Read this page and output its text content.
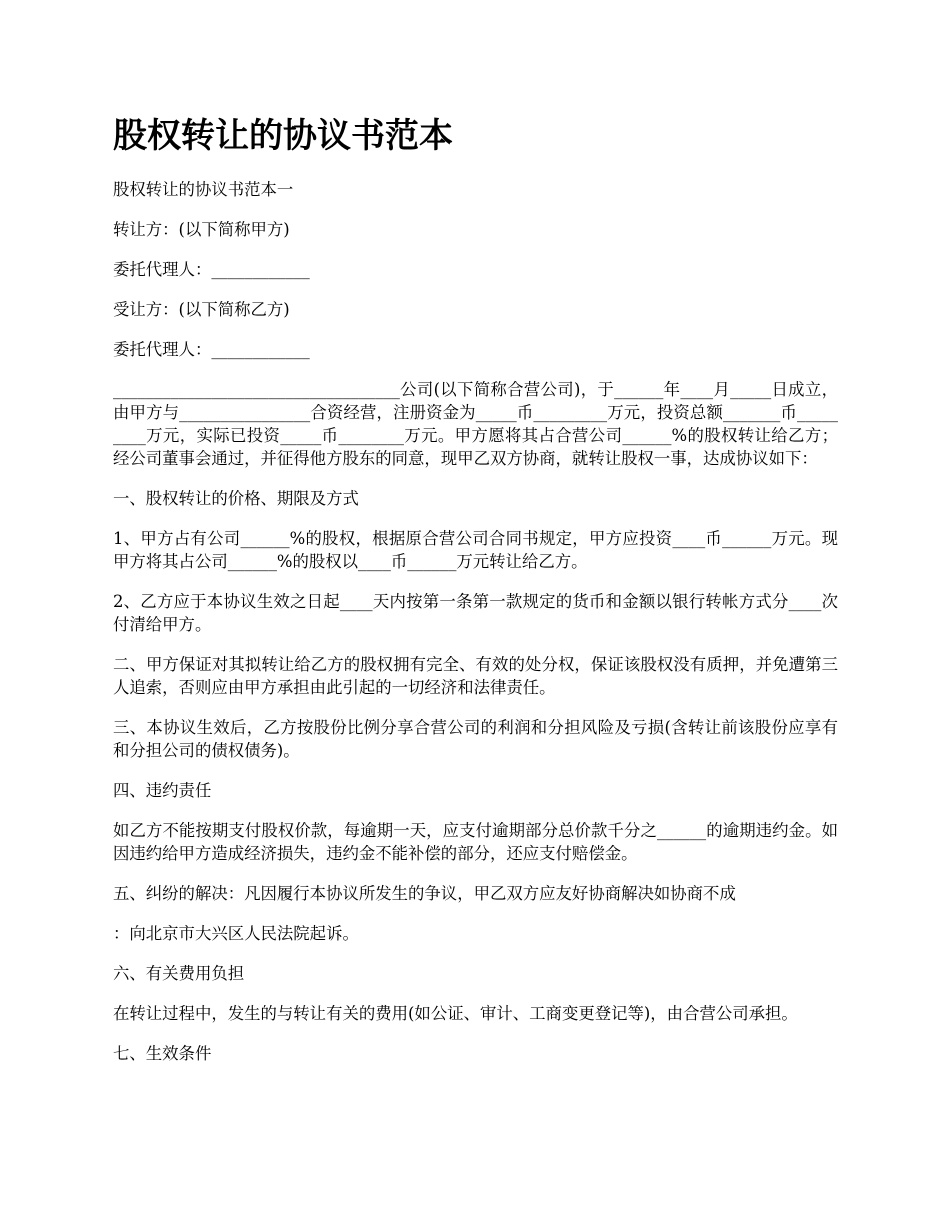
股权转让的协议书范本

股权转让的协议书范本一

转让方：(以下简称甲方)

委托代理人：____________

受让方：(以下简称乙方)

委托代理人：____________

___________________________________公司(以下简称合营公司)，于______年____月_____日成立，由甲方与________________合资经营，注册资金为_____币_________万元，投资总额_______币_________万元，实际已投资_____币________万元。甲方愿将其占合营公司______%的股权转让给乙方；经公司董事会通过，并征得他方股东的同意，现甲乙双方协商，就转让股权一事，达成协议如下：

一、股权转让的价格、期限及方式

1、甲方占有公司______%的股权，根据原合营公司合同书规定，甲方应投资____币______万元。现甲方将其占公司______%的股权以____币______万元转让给乙方。

2、乙方应于本协议生效之日起____天内按第一条第一款规定的货币和金额以银行转帐方式分____次付清给甲方。

二、甲方保证对其拟转让给乙方的股权拥有完全、有效的处分权，保证该股权没有质押，并免遭第三人追索，否则应由甲方承担由此引起的一切经济和法律责任。

三、本协议生效后，乙方按股份比例分享合营公司的利润和分担风险及亏损(含转让前该股份应享有和分担公司的债权债务)。

四、违约责任

如乙方不能按期支付股权价款，每逾期一天，应支付逾期部分总价款千分之______的逾期违约金。如因违约给甲方造成经济损失，违约金不能补偿的部分，还应支付赔偿金。

五、纠纷的解决：凡因履行本协议所发生的争议，甲乙双方应友好协商解决如协商不成

：向北京市大兴区人民法院起诉。

六、有关费用负担

在转让过程中，发生的与转让有关的费用(如公证、审计、工商变更登记等)，由合营公司承担。

七、生效条件
